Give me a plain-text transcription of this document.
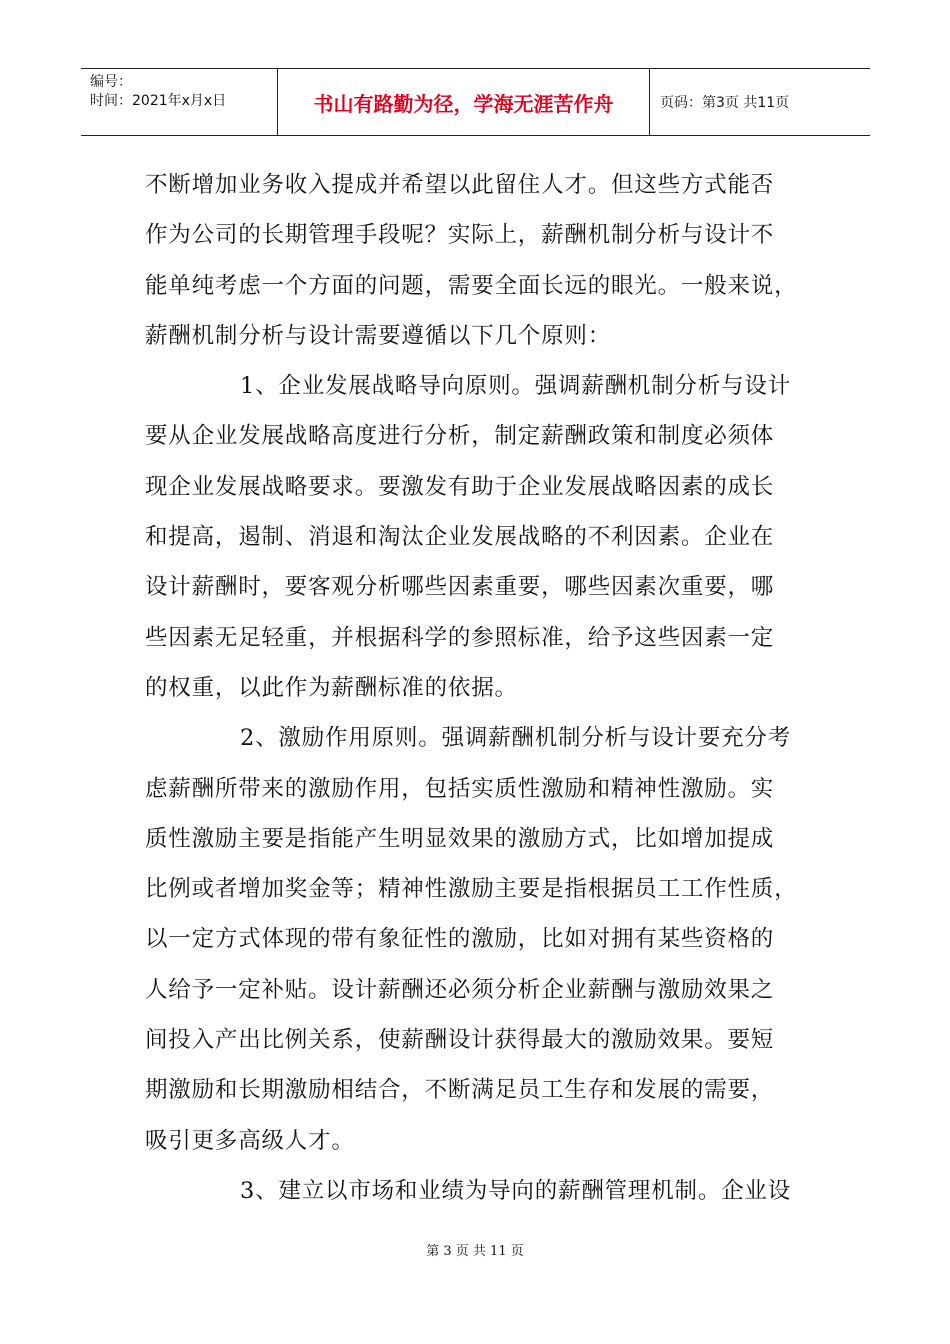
编号：
时间：2021年x月x日	书山有路勤为径，学海无涯苦作舟	页码：第3页 共11页
不断增加业务收入提成并希望以此留住人才。但这些方式能否
作为公司的长期管理手段呢？实际上，薪酬机制分析与设计不
能单纯考虑一个方面的问题，需要全面长远的眼光。一般来说，
薪酬机制分析与设计需要遵循以下几个原则：
1、企业发展战略导向原则。强调薪酬机制分析与设计
要从企业发展战略高度进行分析，制定薪酬政策和制度必须体
现企业发展战略要求。要激发有助于企业发展战略因素的成长
和提高，遏制、消退和淘汰企业发展战略的不利因素。企业在
设计薪酬时，要客观分析哪些因素重要，哪些因素次重要，哪
些因素无足轻重，并根据科学的参照标准，给予这些因素一定
的权重，以此作为薪酬标准的依据。
2、激励作用原则。强调薪酬机制分析与设计要充分考
虑薪酬所带来的激励作用，包括实质性激励和精神性激励。实
质性激励主要是指能产生明显效果的激励方式，比如增加提成
比例或者增加奖金等；精神性激励主要是指根据员工工作性质，
以一定方式体现的带有象征性的激励，比如对拥有某些资格的
人给予一定补贴。设计薪酬还必须分析企业薪酬与激励效果之
间投入产出比例关系，使薪酬设计获得最大的激励效果。要短
期激励和长期激励相结合，不断满足员工生存和发展的需要，
吸引更多高级人才。
3、建立以市场和业绩为导向的薪酬管理机制。企业设
第 3 页 共 11 页
